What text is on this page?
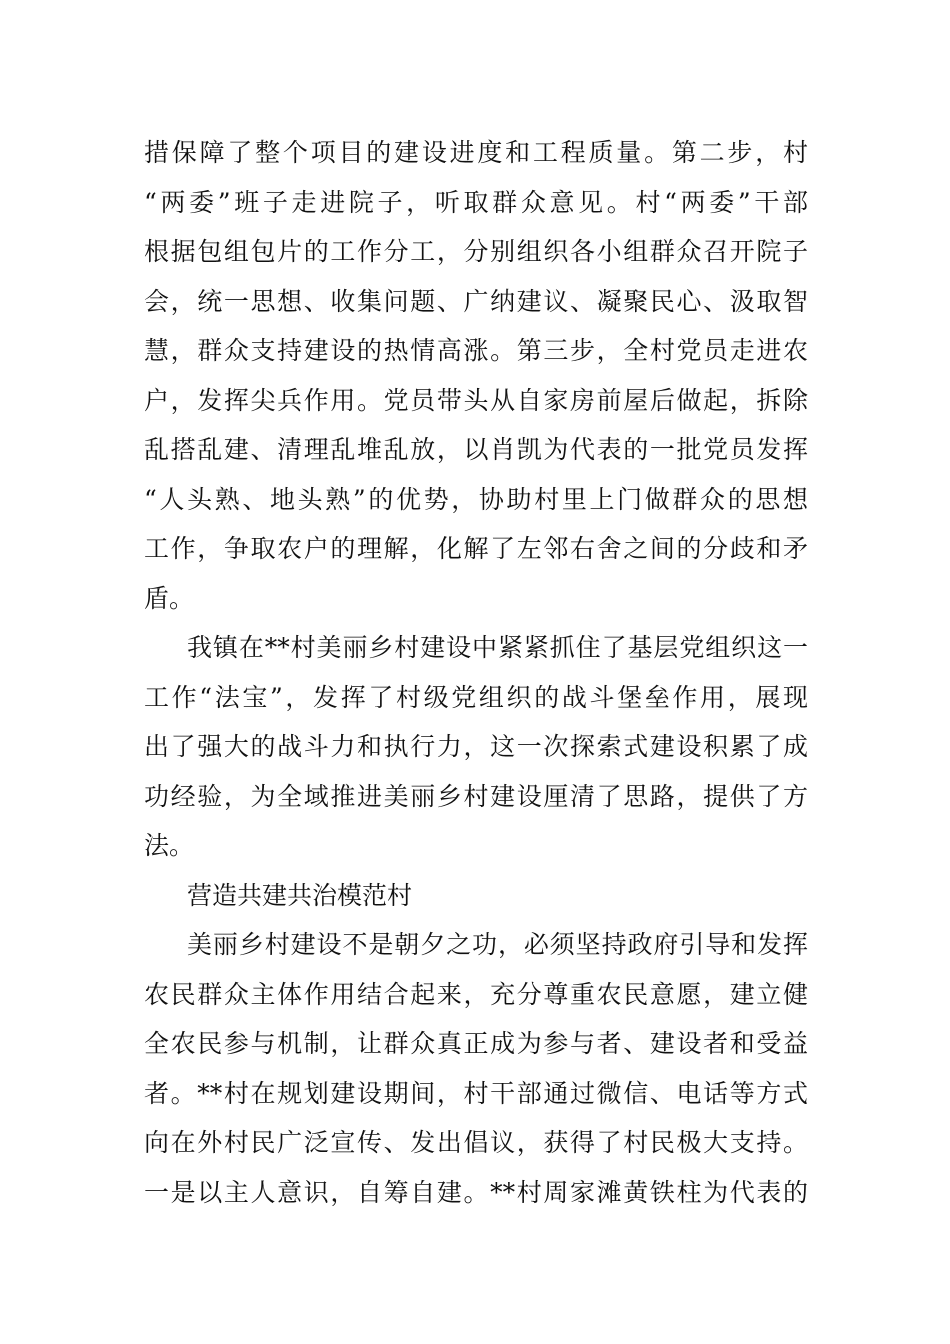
措保障了整个项目的建设进度和工程质量。第二步，村
“两委”班子走进院子，听取群众意见。村“两委”干部
根据包组包片的工作分工，分别组织各小组群众召开院子
会，统一思想、收集问题、广纳建议、凝聚民心、汲取智
慧，群众支持建设的热情高涨。第三步，全村党员走进农
户，发挥尖兵作用。党员带头从自家房前屋后做起，拆除
乱搭乱建、清理乱堆乱放，以肖凯为代表的一批党员发挥
“人头熟、地头熟”的优势，协助村里上门做群众的思想
工作，争取农户的理解，化解了左邻右舍之间的分歧和矛
盾。
我镇在**村美丽乡村建设中紧紧抓住了基层党组织这一
工作“法宝”，发挥了村级党组织的战斗堡垒作用，展现
出了强大的战斗力和执行力，这一次探索式建设积累了成
功经验，为全域推进美丽乡村建设厘清了思路，提供了方
法。
营造共建共治模范村
美丽乡村建设不是朝夕之功，必须坚持政府引导和发挥
农民群众主体作用结合起来，充分尊重农民意愿，建立健
全农民参与机制，让群众真正成为参与者、建设者和受益
者。**村在规划建设期间，村干部通过微信、电话等方式
向在外村民广泛宣传、发出倡议，获得了村民极大支持。
一是以主人意识，自筹自建。**村周家滩黄铁柱为代表的
